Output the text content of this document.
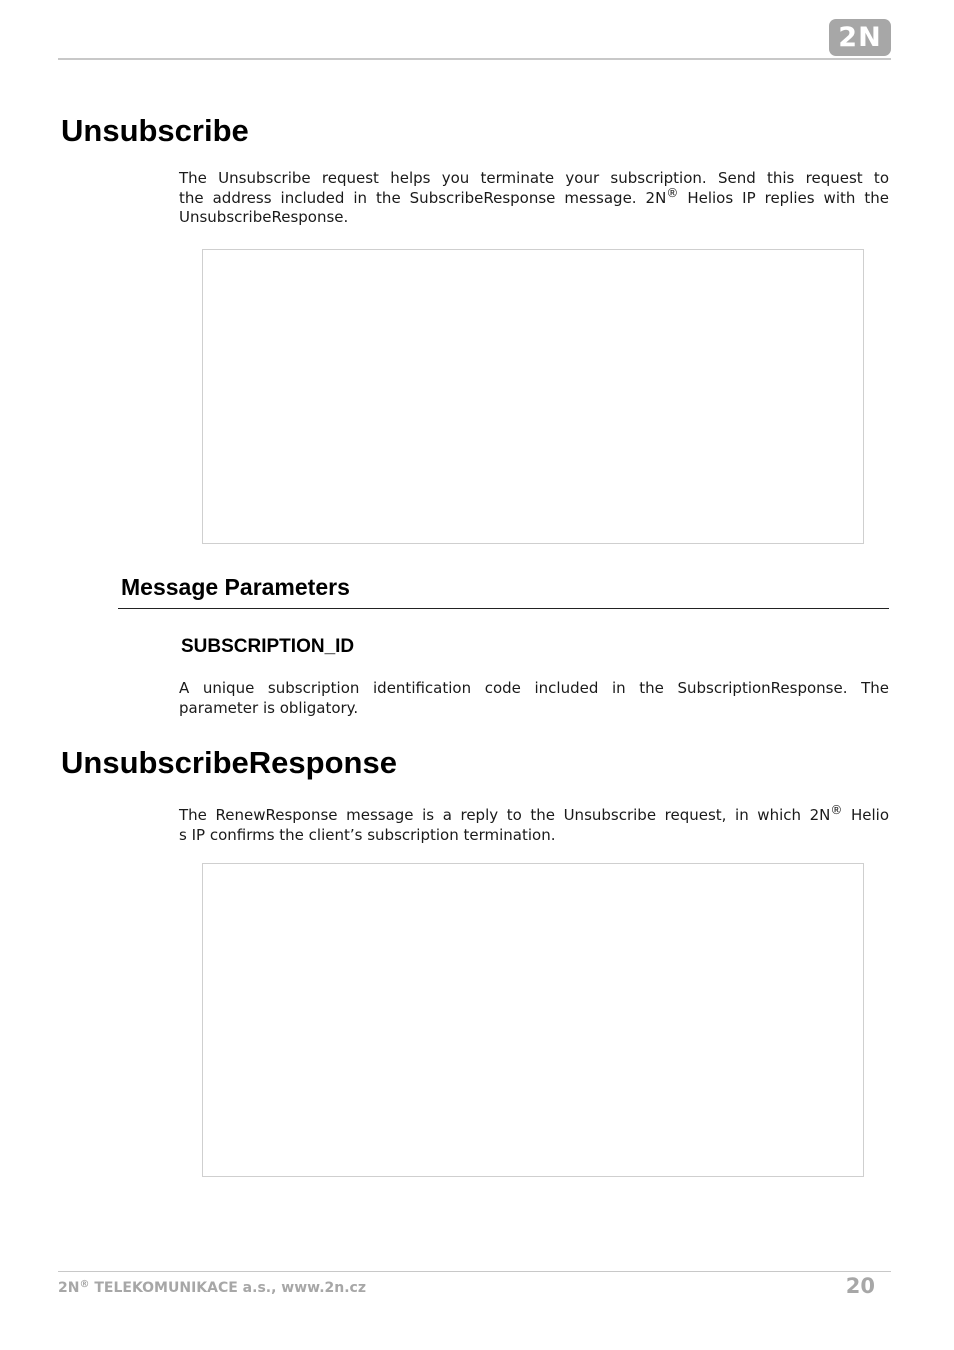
2N
Unsubscribe

The Unsubscribe request helps you terminate your subscription. Send this request to
the address included in the SubscribeResponse message. 2N® Helios IP replies with the
UnsubscribeResponse.

Message Parameters
SUBSCRIPTION_ID

A unique subscription identification code included in the SubscriptionResponse. The
parameter is obligatory.

UnsubscribeResponse

The RenewResponse message is a reply to the Unsubscribe request, in which 2N® Helio
s IP confirms the client’s subscription termination.

2N® TELEKOMUNIKACE a.s., www.2n.cz	20
